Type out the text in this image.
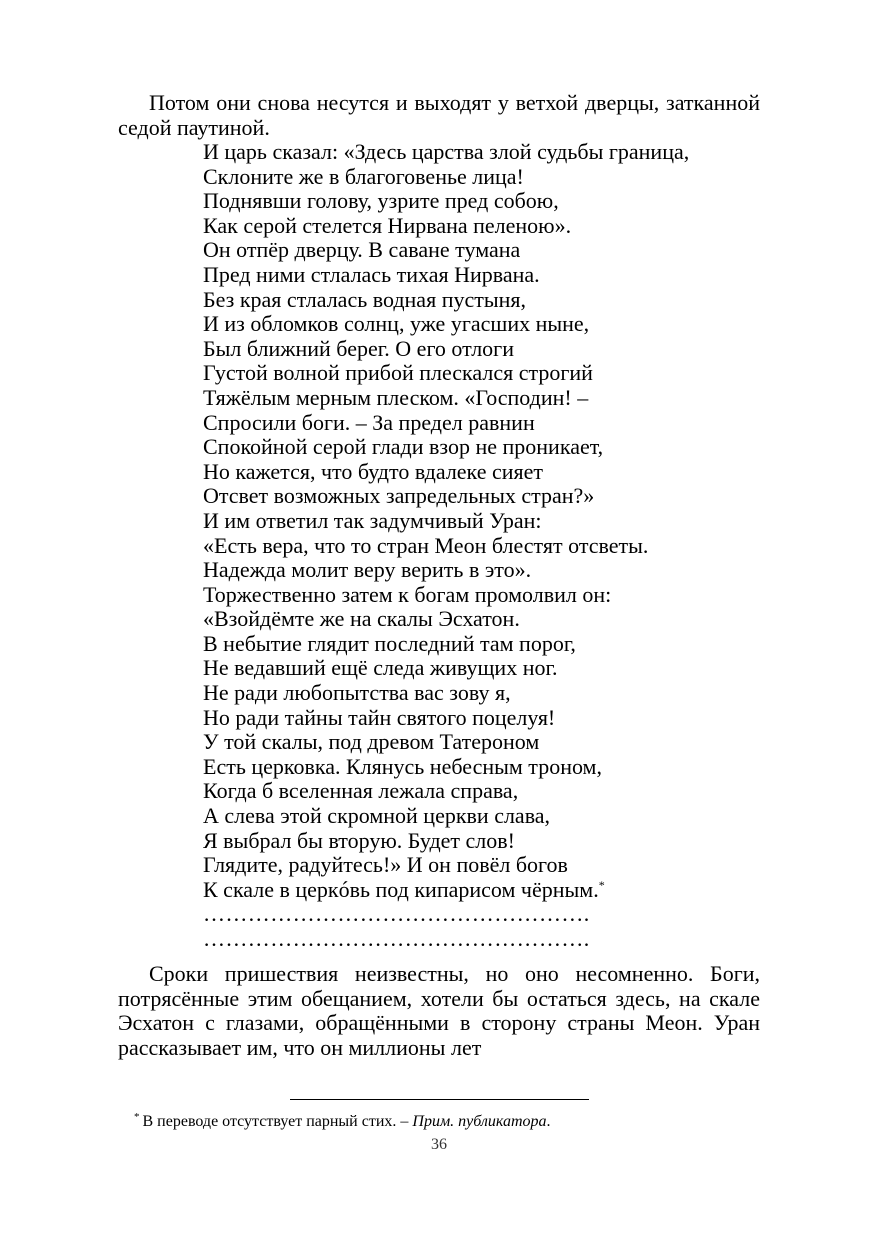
Потом они снова несутся и выходят у ветхой дверцы, затканной седой паутиной.

И царь сказал: «Здесь царства злой судьбы граница,
Склоните же в благоговенье лица!
Поднявши голову, узрите пред собою,
Как серой стелется Нирвана пеленою».
Он отпёр дверцу. В саване тумана
Пред ними стлалась тихая Нирвана.
Без края стлалась водная пустыня,
И из обломков солнц, уже угасших ныне,
Был ближний берег. О его отлоги
Густой волной прибой плескался строгий
Тяжёлым мерным плеском. «Господин! –
Спросили боги. – За предел равнин
Спокойной серой глади взор не проникает,
Но кажется, что будто вдалеке сияет
Отсвет возможных запредельных стран?»
И им ответил так задумчивый Уран:
«Есть вера, что то стран Меон блестят отсветы.
Надежда молит веру верить в это».
Торжественно затем к богам промолвил он:
«Взойдёмте же на скалы Эсхатон.
В небытие глядит последний там порог,
Не ведавший ещё следа живущих ног.
Не ради любопытства вас зову я,
Но ради тайны тайн святого поцелуя!
У той скалы, под древом Татероном
Есть церковка. Клянусь небесным троном,
Когда б вселенная лежала справа,
А слева этой скромной церкви слава,
Я выбрал бы вторую. Будет слов!
Глядите, радуйтесь!» И он повёл богов
К скале в церкóвь под кипарисом чёрным.*
…………………………………………….
…………………………………………….

Сроки пришествия неизвестны, но оно несомненно. Боги, потрясённые этим обещанием, хотели бы остаться здесь, на скале Эсхатон с глазами, обращёнными в сторону страны Меон. Уран рассказывает им, что он миллионы лет

* В переводе отсутствует парный стих. – Прим. публикатора.

36
